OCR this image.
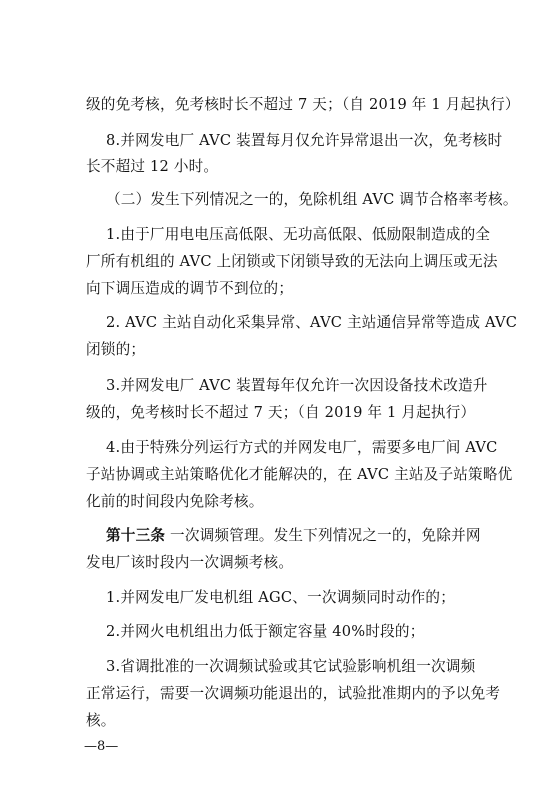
级的免考核，免考核时长不超过 7 天；（自 2019 年 1 月起执行）
8.并网发电厂 AVC 装置每月仅允许异常退出一次，免考核时
长不超过 12 小时。
（二）发生下列情况之一的，免除机组 AVC 调节合格率考核。
1.由于厂用电电压高低限、无功高低限、低励限制造成的全
厂所有机组的 AVC 上闭锁或下闭锁导致的无法向上调压或无法
向下调压造成的调节不到位的；
2. AVC 主站自动化采集异常、AVC 主站通信异常等造成 AVC
闭锁的；
3.并网发电厂 AVC 装置每年仅允许一次因设备技术改造升
级的，免考核时长不超过 7 天；（自 2019 年 1 月起执行）
4.由于特殊分列运行方式的并网发电厂，需要多电厂间 AVC
子站协调或主站策略优化才能解决的，在 AVC 主站及子站策略优
化前的时间段内免除考核。
第十三条 一次调频管理。发生下列情况之一的，免除并网
发电厂该时段内一次调频考核。
1.并网发电厂发电机组 AGC、一次调频同时动作的；
2.并网火电机组出力低于额定容量 40%时段的；
3.省调批准的一次调频试验或其它试验影响机组一次调频
正常运行，需要一次调频功能退出的，试验批准期内的予以免考
核。
—8—
